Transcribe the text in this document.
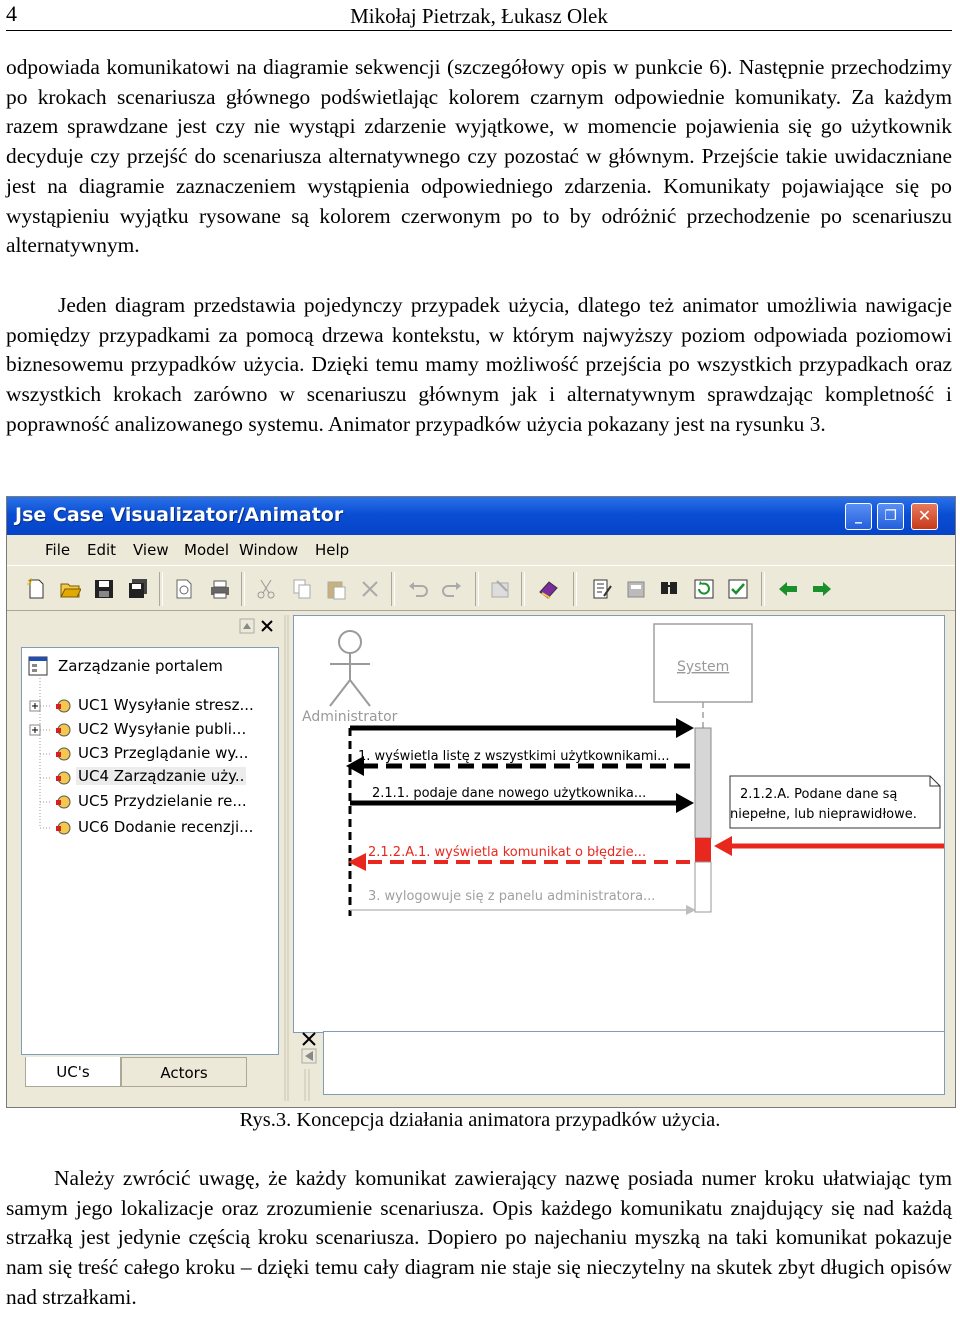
4	Mikołaj Pietrzak, Łukasz Olek

odpowiada komunikatowi na diagramie sekwencji (szczegółowy opis w punkcie 6). Następnie przechodzimy po krokach scenariusza głównego podświetlając kolorem czarnym odpowiednie komunikaty. Za każdym razem sprawdzane jest czy nie wystąpi zdarzenie wyjątkowe, w momencie pojawienia się go użytkownik decyduje czy przejść do scenariusza alternatywnego czy pozostać w głównym. Przejście takie uwidaczniane jest na diagramie zaznaczeniem wystąpienia odpowiedniego zdarzenia. Komunikaty pojawiające się po wystąpieniu wyjątku rysowane są kolorem czerwonym po to by odróżnić przechodzenie po scenariuszu alternatywnym.

Jeden diagram przedstawia pojedynczy przypadek użycia, dlatego też animator umożliwia nawigacje pomiędzy przypadkami za pomocą drzewa kontekstu, w którym najwyższy poziom odpowiada poziomowi biznesowemu przypadków użycia. Dzięki temu mamy możliwość przejścia po wszystkich przypadkach oraz wszystkich krokach zarówno w scenariuszu głównym jak i alternatywnym sprawdzając kompletność i poprawność analizowanego systemu. Animator przypadków użycia pokazany jest na rysunku 3.

Jse Case Visualizator/Animator	_	❐	✕
File Edit View Model Window Help
Zarządzanie portalem
UC1 Wysyłanie stresz...
UC2 Wysyłanie publi...
UC3 Przeglądanie wy...
UC4 Zarządzanie uży..
UC5 Przydzielanie re...
UC6 Dodanie recenzji...
UC's	Actors
Administrator
System
1. wyświetla listę z wszystkimi użytkownikami...
2.1.1. podaje dane nowego użytkownika...	2.1.2.A. Podane dane są
niepełne, lub nieprawidłowe.
2.1.2.A.1. wyświetla komunikat o błędzie...
3. wylogowuje się z panelu administratora...
Rys.3. Koncepcja działania animatora przypadków użycia.

Należy zwrócić uwagę, że każdy komunikat zawierający nazwę posiada numer kroku ułatwiając tym samym jego lokalizacje oraz zrozumienie scenariusza. Opis każdego komunikatu znajdujący się nad każdą strzałką jest jedynie częścią kroku scenariusza. Dopiero po najechaniu myszką na taki komunikat pokazuje nam się treść całego kroku – dzięki temu cały diagram nie staje się nieczytelny na skutek zbyt długich opisów nad strzałkami.
